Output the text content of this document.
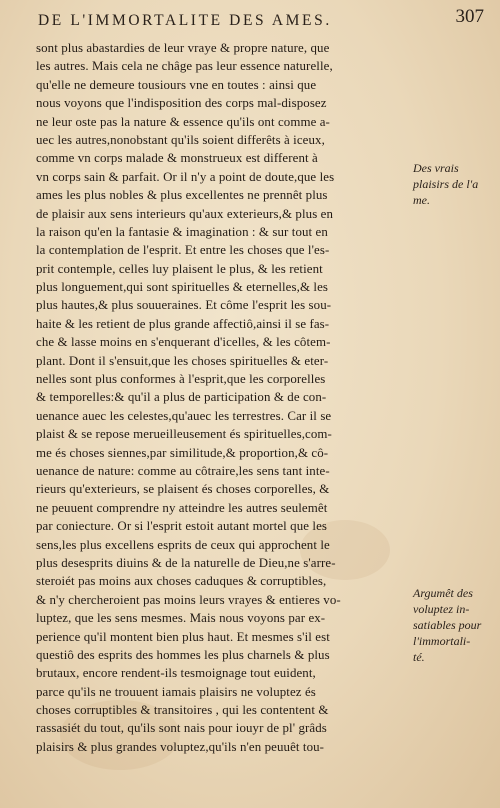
DE L'IMMORTALITE DES AMES.	307
sont plus abastardies de leur vraye & propre nature, que
les autres. Mais cela ne châge pas leur essence naturelle,
qu'elle ne demeure tousiours vne en toutes : ainsi que
nous voyons que l'indisposition des corps mal-disposez
ne leur oste pas la nature & essence qu'ils ont comme a-
uec les autres,nonobstant qu'ils soient differêts à iceux,
comme vn corps malade & monstrueux est different à
vn corps sain & parfait. Or il n'y a point de doute,que les
ames les plus nobles & plus excellentes ne prennêt plus
de plaisir aux sens interieurs qu'aux exterieurs,& plus en
la raison qu'en la fantasie & imagination : & sur tout en
la contemplation de l'esprit. Et entre les choses que l'es-
prit contemple, celles luy plaisent le plus, & les retient
plus longuement,qui sont spirituelles & eternelles,& les
plus hautes,& plus souueraines. Et côme l'esprit les sou-
haite & les retient de plus grande affectiô,ainsi il se fas-
che & lasse moins en s'enquerant d'icelles, & les côtem-
plant. Dont il s'ensuit,que les choses spirituelles & eter-
nelles sont plus conformes à l'esprit,que les corporelles
& temporelles:& qu'il a plus de participation & de con-
uenance auec les celestes,qu'auec les terrestres. Car il se
plaist & se repose merueilleusement és spirituelles,com-
me és choses siennes,par similitude,& proportion,& cô-
uenance de nature: comme au côtraire,les sens tant inte-
rieurs qu'exterieurs, se plaisent és choses corporelles, &
ne peuuent comprendre ny atteindre les autres seulemêt
par coniecture. Or si l'esprit estoit autant mortel que les
sens,les plus excellens esprits de ceux qui approchent le
plus desesprits diuins & de la naturelle de Dieu,ne s'arre-
steroiét pas moins aux choses caduques & corruptibles,
& n'y chercheroient pas moins leurs vrayes & entieres vo-
luptez, que les sens mesmes. Mais nous voyons par ex-
perience qu'il montent bien plus haut. Et mesmes s'il est
questiô des esprits des hommes les plus charnels & plus
brutaux, encore rendent-ils tesmoignage tout euident,
parce qu'ils ne trouuent iamais plaisirs ne voluptez és
choses corruptibles & transitoires , qui les contentent &
rassasiét du tout, qu'ils sont nais pour iouyr de pl' grâds
plaisirs & plus grandes voluptez,qu'ils n'en peuuêt tou-
Des vrais
plaisirs de l'a
me.
Argumêt des
voluptez in-
satiables pour
l'immortali-
té.
